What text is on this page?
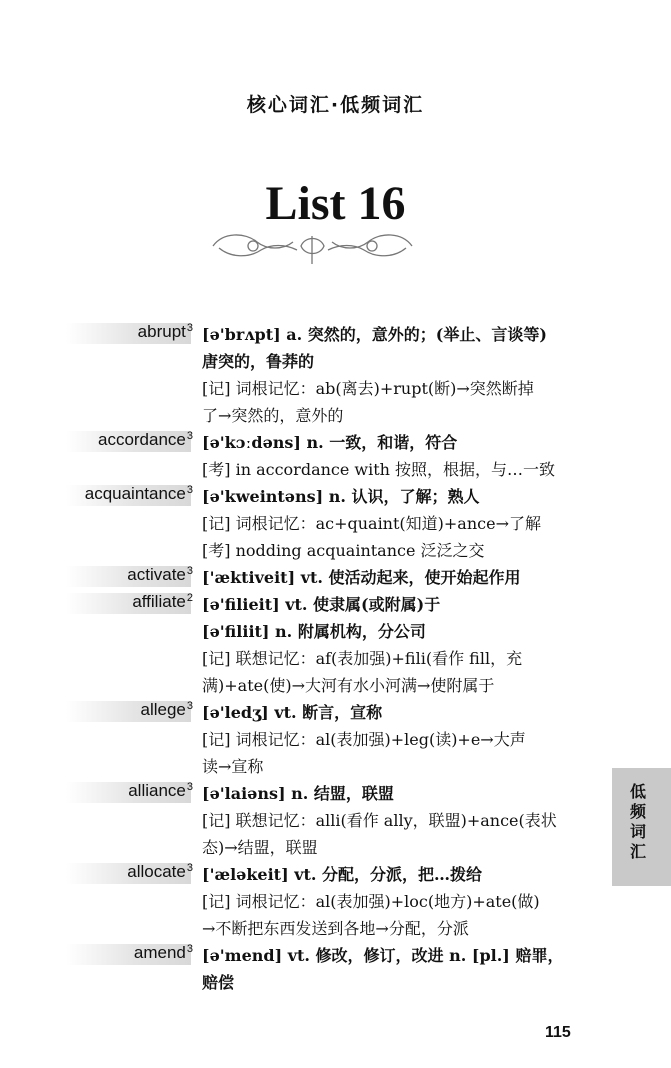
核心词汇·低频词汇
List 16
abrupt$^3$ [ə'brʌpt] a. 突然的，意外的；(举止、言谈等)
唐突的，鲁莽的
[记] 词根记忆：ab(离去)+rupt(断)→突然断掉
了→突然的，意外的
accordance$^3$ [ə'kɔːdəns] n. 一致，和谐，符合
[考] in accordance with 按照，根据，与…一致
acquaintance$^3$ [ə'kweintəns] n. 认识，了解；熟人
[记] 词根记忆：ac+quaint(知道)+ance→了解
[考] nodding acquaintance 泛泛之交
activate$^3$ ['æktiveit] vt. 使活动起来，使开始起作用
affiliate$^2$ [ə'filieit] vt. 使隶属(或附属)于
[ə'filiit] n. 附属机构，分公司
[记] 联想记忆：af(表加强)+fili(看作 fill，充
满)+ate(使)→大河有水小河满→使附属于
allege$^3$ [ə'ledʒ] vt. 断言，宣称
[记] 词根记忆：al(表加强)+leg(读)+e→大声
读→宣称
alliance$^3$ [ə'laiəns] n. 结盟，联盟
[记] 联想记忆：alli(看作 ally，联盟)+ance(表状
态)→结盟，联盟
allocate$^3$ ['æləkeit] vt. 分配，分派，把…拨给
[记] 词根记忆：al(表加强)+loc(地方)+ate(做)
→不断把东西发送到各地→分配，分派
amend$^3$ [ə'mend] vt. 修改，修订，改进 n. [pl.] 赔罪，
赔偿
低频词汇
115
